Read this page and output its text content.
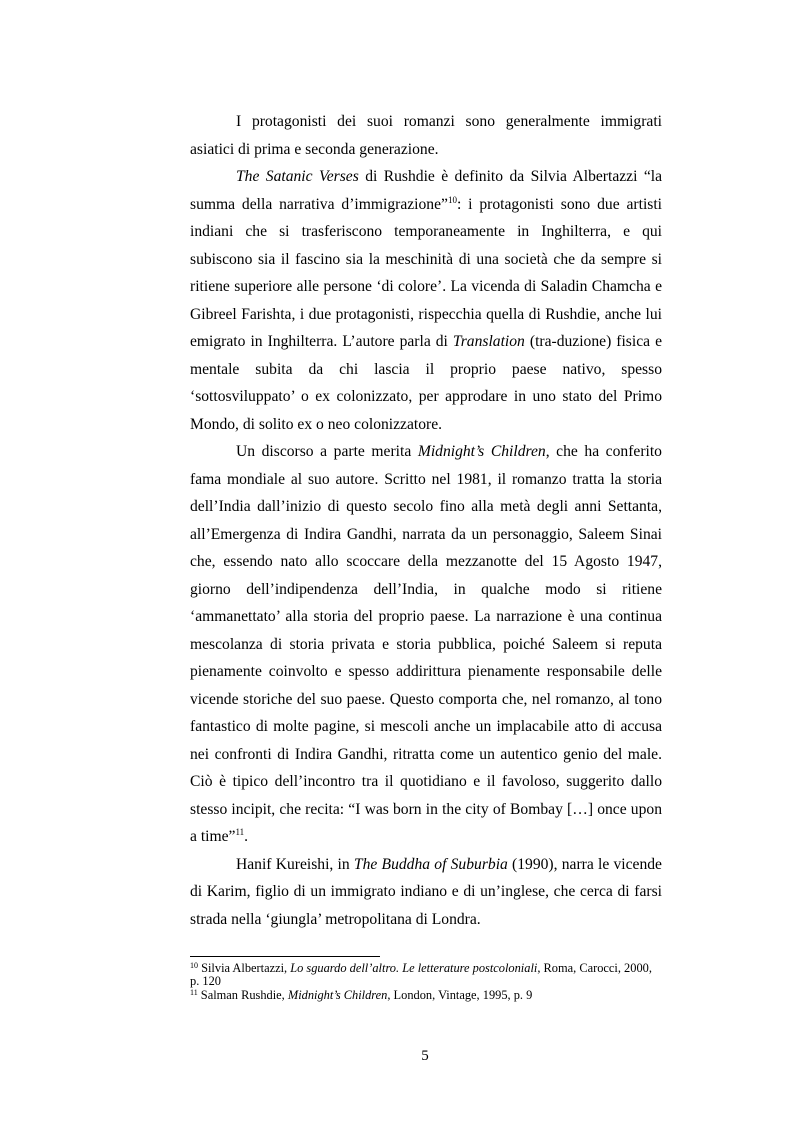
I protagonisti dei suoi romanzi sono generalmente immigrati asiatici di prima e seconda generazione.

The Satanic Verses di Rushdie è definito da Silvia Albertazzi “la summa della narrativa d’immigrazione”$^{10}$: i protagonisti sono due artisti indiani che si trasferiscono temporaneamente in Inghilterra, e qui subiscono sia il fascino sia la meschinità di una società che da sempre si ritiene superiore alle persone ‘di colore’. La vicenda di Saladin Chamcha e Gibreel Farishta, i due protagonisti, rispecchia quella di Rushdie, anche lui emigrato in Inghilterra. L’autore parla di Translation (tra-duzione) fisica e mentale subita da chi lascia il proprio paese nativo, spesso ‘sottosviluppato’ o ex colonizzato, per approdare in uno stato del Primo Mondo, di solito ex o neo colonizzatore.

Un discorso a parte merita Midnight’s Children, che ha conferito fama mondiale al suo autore. Scritto nel 1981, il romanzo tratta la storia dell’India dall’inizio di questo secolo fino alla metà degli anni Settanta, all’Emergenza di Indira Gandhi, narrata da un personaggio, Saleem Sinai che, essendo nato allo scoccare della mezzanotte del 15 Agosto 1947, giorno dell’indipendenza dell’India, in qualche modo si ritiene ‘ammanettato’ alla storia del proprio paese. La narrazione è una continua mescolanza di storia privata e storia pubblica, poiché Saleem si reputa pienamente coinvolto e spesso addirittura pienamente responsabile delle vicende storiche del suo paese. Questo comporta che, nel romanzo, al tono fantastico di molte pagine, si mescoli anche un implacabile atto di accusa nei confronti di Indira Gandhi, ritratta come un autentico genio del male. Ciò è tipico dell’incontro tra il quotidiano e il favoloso, suggerito dallo stesso incipit, che recita: “I was born in the city of Bombay […] once upon a time”$^{11}$.

Hanif Kureishi, in The Buddha of Suburbia (1990), narra le vicende di Karim, figlio di un immigrato indiano e di un’inglese, che cerca di farsi strada nella ‘giungla’ metropolitana di Londra.

$^{10}$ Silvia Albertazzi, Lo sguardo dell’altro. Le letterature postcoloniali, Roma, Carocci, 2000, p. 120

$^{11}$ Salman Rushdie, Midnight’s Children, London, Vintage, 1995, p. 9

5
